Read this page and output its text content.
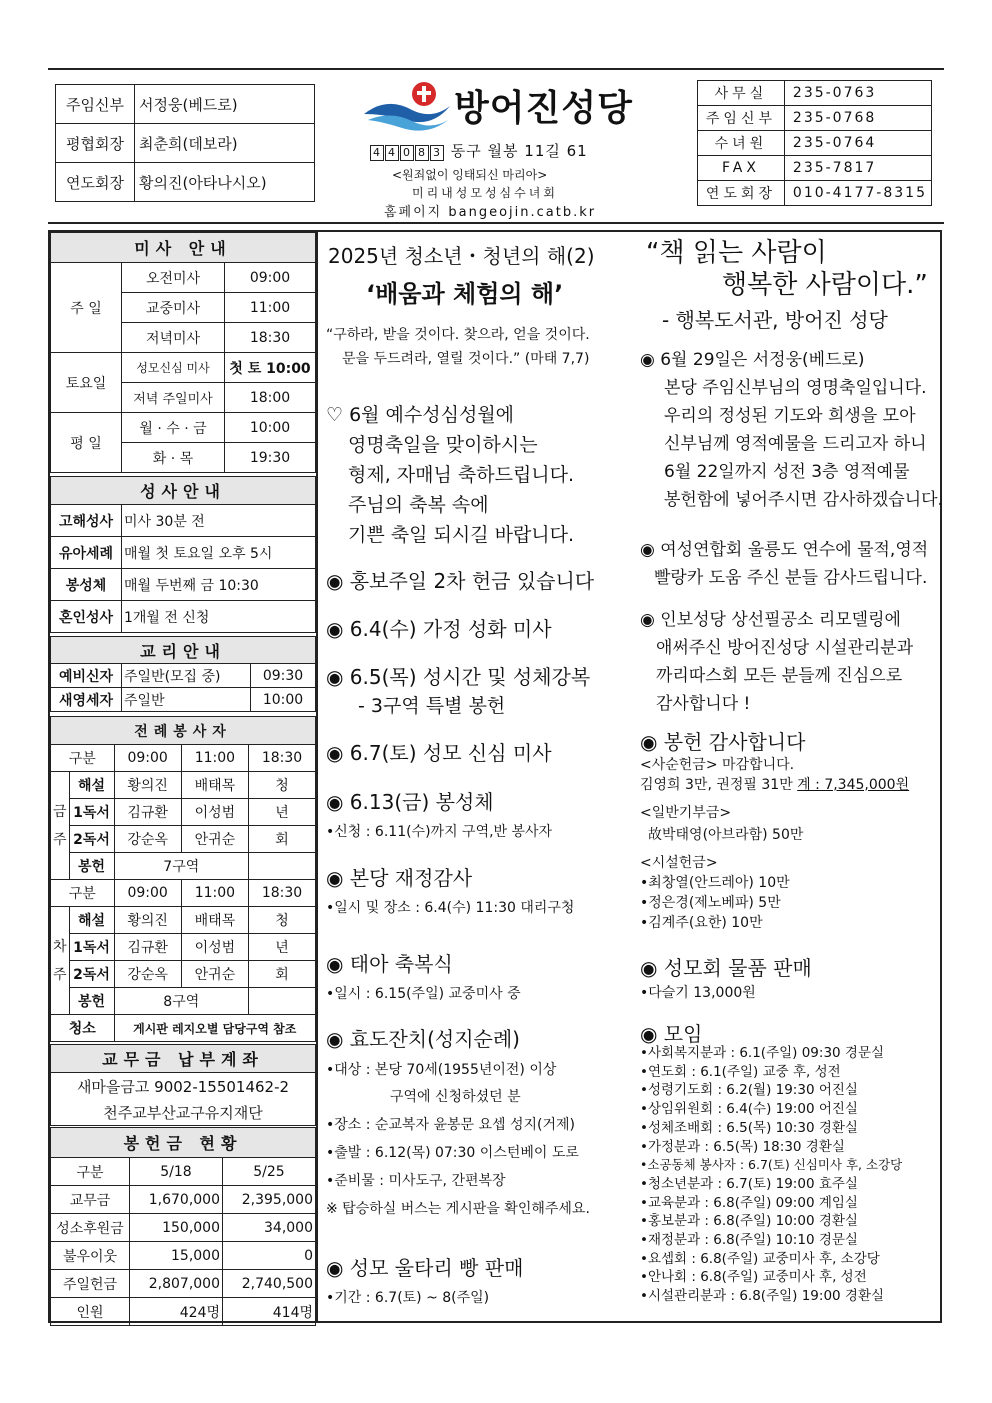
주임신부	서정웅(베드로)
평협회장	최춘희(데보라)
연도회장	황의진(아타나시오)
방어진성당
4 4 0 8 3 동구 월봉 11길 61
<원죄없이 잉태되신 마리아>
미리내성모성심수녀회
홈페이지 bangeojin.catb.kr
사무실	235-0763
주임신부	235-0768
수녀원	235-0764
FAX	235-7817
연도회장	010-4177-8315
미사 안내		
주 일	오전미사	09:00
	교중미사	11:00
	저녁미사	18:30
토요일	성모신심 미사	첫 토 10:00
	저녁 주일미사	18:00
평 일	월 · 수 · 금	10:00
	화 · 목	19:30
성사안내	
고해성사	미사 30분 전
유아세례	매월 첫 토요일 오후 5시
봉성체	매월 두번째 금 10:30
혼인성사	1개월 전 신청
교리안내		
예비신자	주일반(모집 중)	09:30
새영세자	주일반	10:00
전례봉사자				
구분		09:00	11:00	18:30
금
주	해설	황의진	배태목	청
	1독서	김규환	이성범	년
	2독서	강순옥	안귀순	회
	봉헌	7구역		
구분		09:00	11:00	18:30
차
주	해설	황의진	배태목	청
	1독서	김규환	이성범	년
	2독서	강순옥	안귀순	회
	봉헌	8구역		
청소		게시판 레지오별 담당구역 참조		
교무금 납부계좌
새마을금고 9002-15501462-2
천주교부산교구유지재단
봉헌금 현황		
구분	5/18	5/25
교무금	1,670,000	2,395,000
성소후원금	150,000	34,000
불우이웃	15,000	0
주일헌금	2,807,000	2,740,500
인원	424명	414명
2025년 청소년・청년의 해(2)
‘배움과 체험의 해’
“구하라, 받을 것이다. 찾으라, 얻을 것이다.
문을 두드려라, 열릴 것이다.” (마태 7,7)
♡ 6월 예수성심성월에
영명축일을 맞이하시는
형제, 자매님 축하드립니다.
주님의 축복 속에
기쁜 축일 되시길 바랍니다.
◉ 홍보주일 2차 헌금 있습니다
◉ 6.4(수) 가정 성화 미사
◉ 6.5(목) 성시간 및 성체강복
- 3구역 특별 봉헌
◉ 6.7(토) 성모 신심 미사
◉ 6.13(금) 봉성체
•신청 : 6.11(수)까지 구역,반 봉사자
◉ 본당 재정감사
•일시 및 장소 : 6.4(수) 11:30 대리구청
◉ 태아 축복식
•일시 : 6.15(주일) 교중미사 중
◉ 효도잔치(성지순례)
•대상 : 본당 70세(1955년이전) 이상
구역에 신청하셨던 분
•장소 : 순교복자 윤봉문 요셉 성지(거제)
•출발 : 6.12(목) 07:30 이스턴베이 도로
•준비물 : 미사도구, 간편복장
※ 탑승하실 버스는 게시판을 확인해주세요.
◉ 성모 울타리 빵 판매
•기간 : 6.7(토) ~ 8(주일)
“책 읽는 사람이
행복한 사람이다.”
- 행복도서관, 방어진 성당
◉ 6월 29일은 서정웅(베드로)
본당 주임신부님의 영명축일입니다.
우리의 정성된 기도와 희생을 모아
신부님께 영적예물을 드리고자 하니
6월 22일까지 성전 3층 영적예물
봉헌함에 넣어주시면 감사하겠습니다.
◉ 여성연합회 울릉도 연수에 물적,영적
빨랑카 도움 주신 분들 감사드립니다.
◉ 인보성당 상선필공소 리모델링에
애써주신 방어진성당 시설관리분과
까리따스회 모든 분들께 진심으로
감사합니다 !
◉ 봉헌 감사합니다
<사순헌금> 마감합니다.
김영희 3만, 권정필 31만 계 : 7,345,000원
<일반기부금>
故박태영(아브라함) 50만
<시설헌금>
•최창열(안드레아) 10만
•정은경(제노베파) 5만
•김계주(요한) 10만
◉ 성모회 물품 판매
•다슬기 13,000원
◉ 모임
•사회복지분과 : 6.1(주일) 09:30 경문실
•연도회 : 6.1(주일) 교중 후, 성전
•성령기도회 : 6.2(월) 19:30 어진실
•상임위원회 : 6.4(수) 19:00 어진실
•성체조배회 : 6.5(목) 10:30 경환실
•가정분과 : 6.5(목) 18:30 경환실
•소공동체 봉사자 : 6.7(토) 신심미사 후, 소강당
•청소년분과 : 6.7(토) 19:00 효주실
•교육분과 : 6.8(주일) 09:00 계임실
•홍보분과 : 6.8(주일) 10:00 경환실
•재정분과 : 6.8(주일) 10:10 경문실
•요셉회 : 6.8(주일) 교중미사 후, 소강당
•안나회 : 6.8(주일) 교중미사 후, 성전
•시설관리분과 : 6.8(주일) 19:00 경환실
